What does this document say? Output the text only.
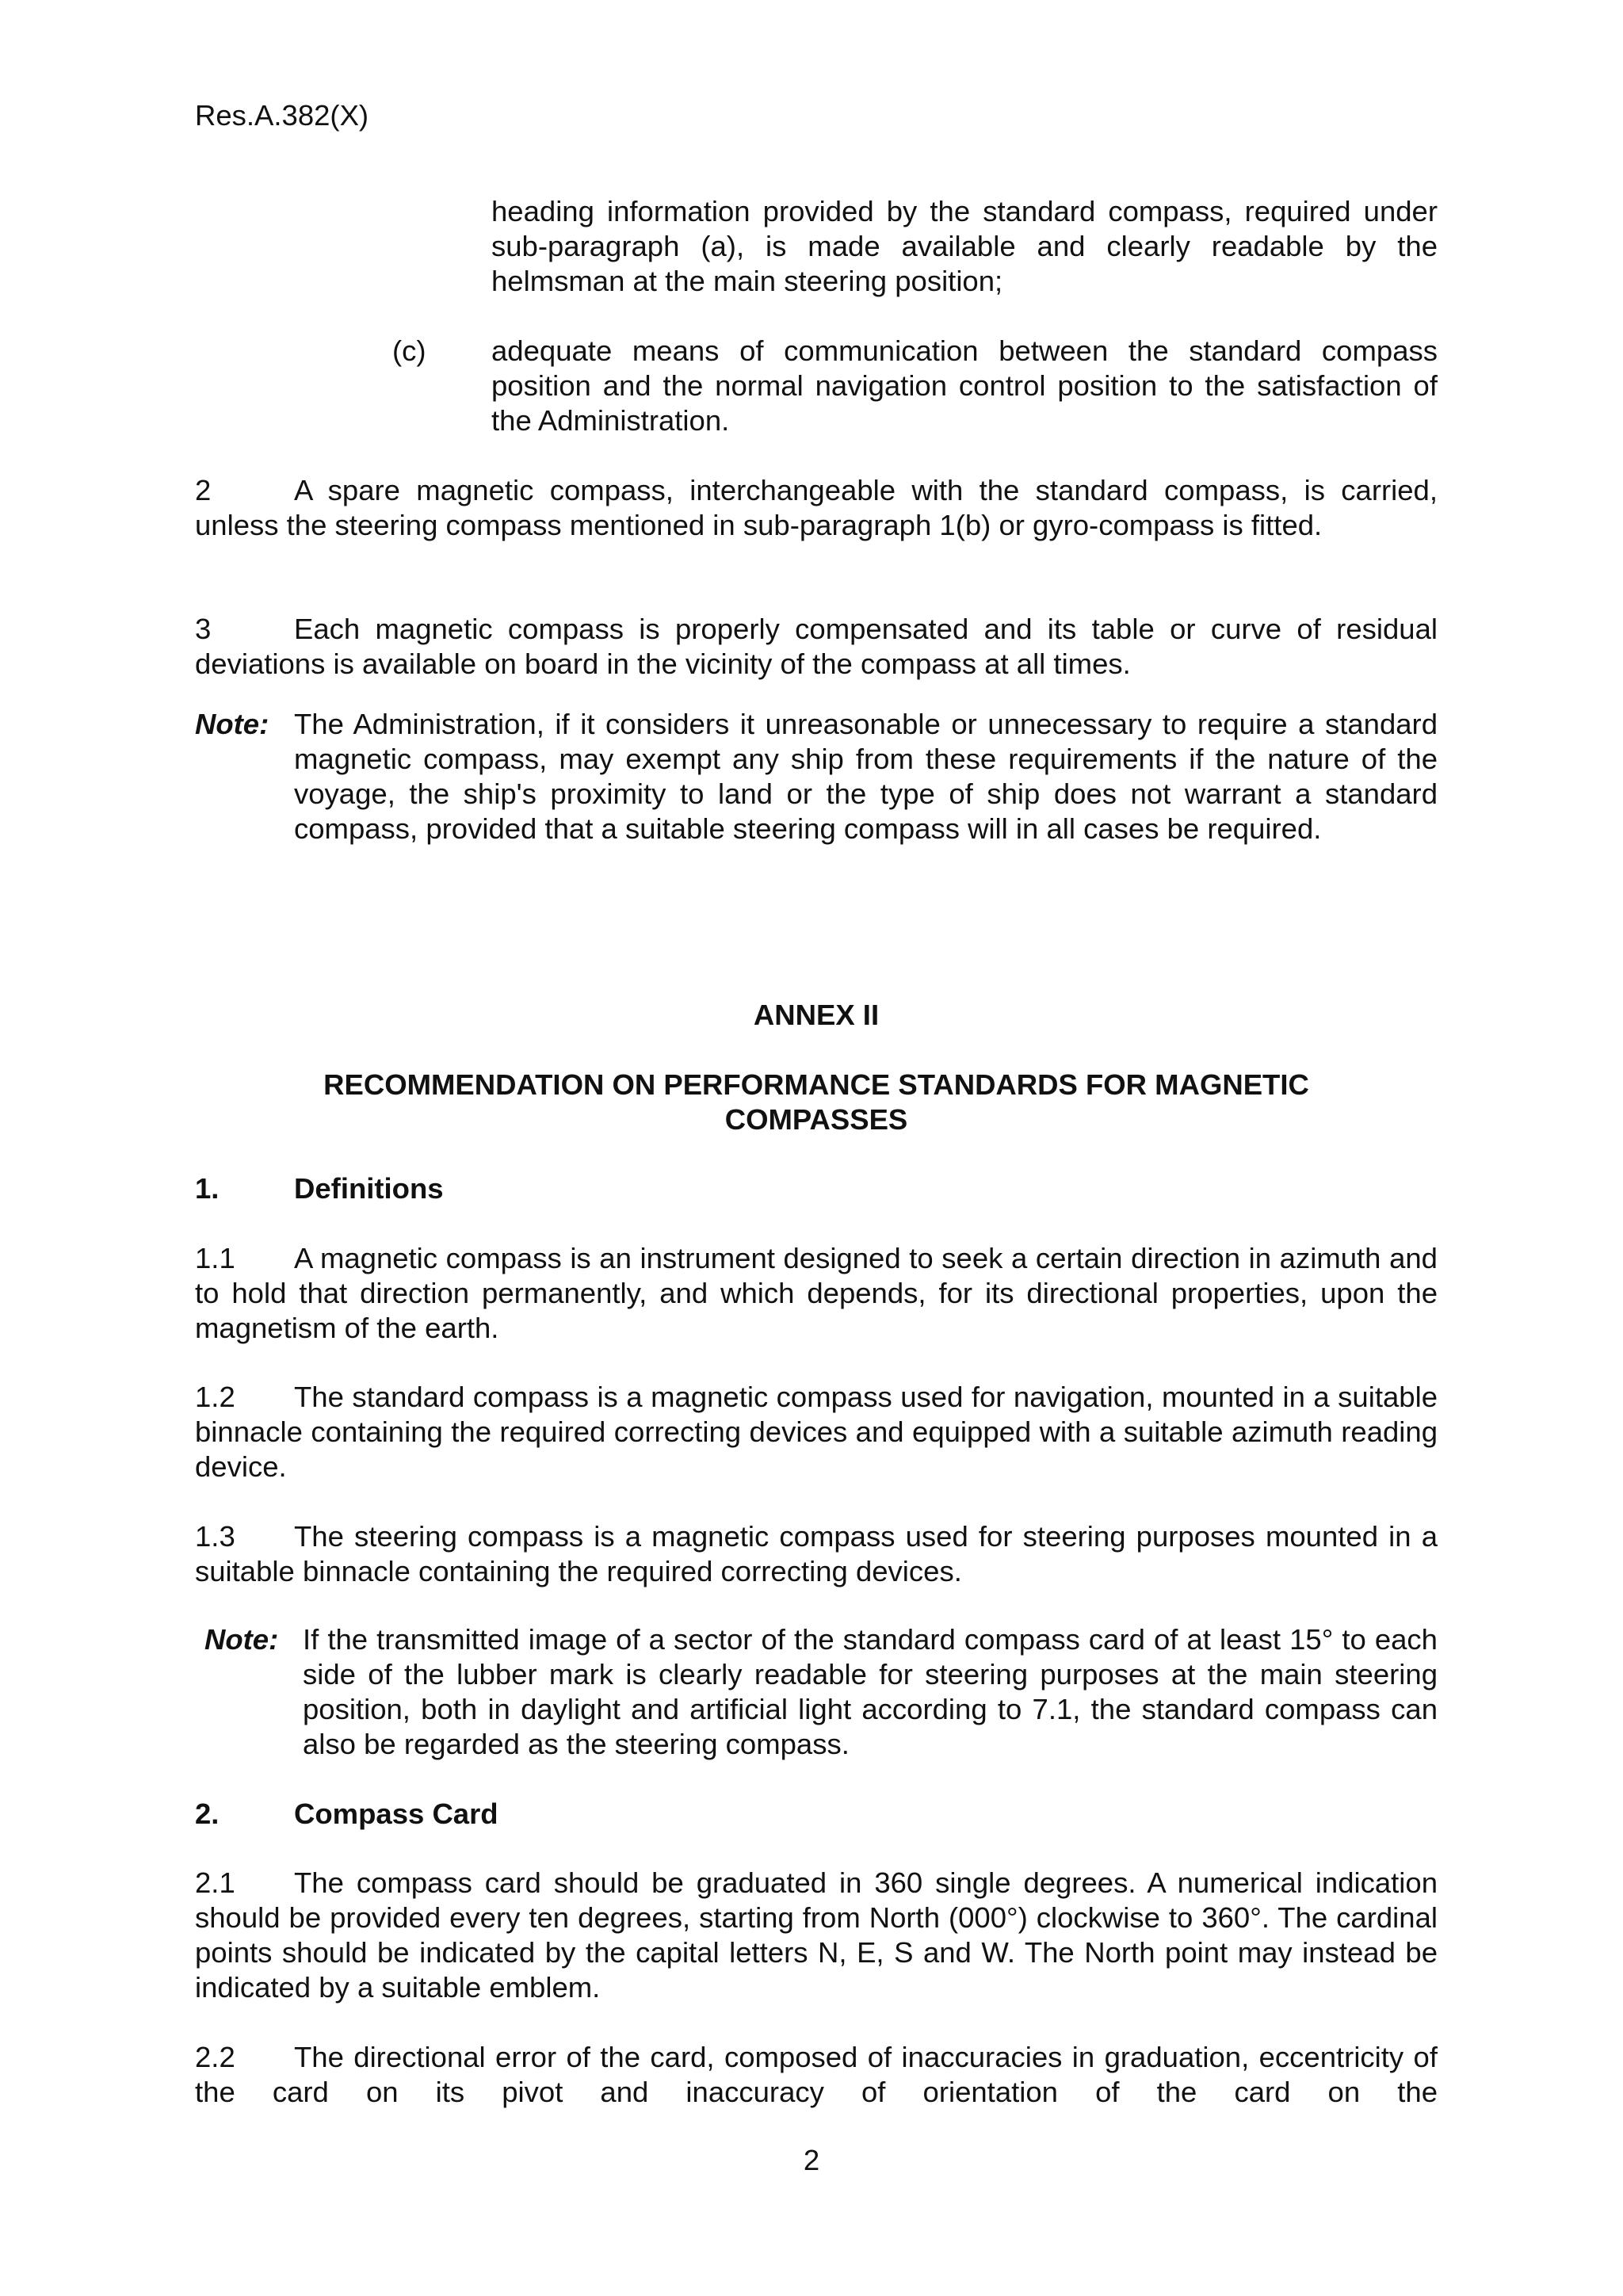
Res.A.382(X)
heading information provided by the standard compass, required under sub-paragraph (a), is made available and clearly readable by the helmsman at the main steering position;
(c) adequate means of communication between the standard compass position and the normal navigation control position to the satisfaction of the Administration.
2	A spare magnetic compass, interchangeable with the standard compass, is carried, unless the steering compass mentioned in sub-paragraph 1(b) or gyro-compass is fitted.
3	Each magnetic compass is properly compensated and its table or curve of residual deviations is available on board in the vicinity of the compass at all times.
Note: The Administration, if it considers it unreasonable or unnecessary to require a standard magnetic compass, may exempt any ship from these requirements if the nature of the voyage, the ship's proximity to land or the type of ship does not warrant a standard compass, provided that a suitable steering compass will in all cases be required.
ANNEX II
RECOMMENDATION ON PERFORMANCE STANDARDS FOR MAGNETIC
COMPASSES
1.	Definitions
1.1 A magnetic compass is an instrument designed to seek a certain direction in azimuth and to hold that direction permanently, and which depends, for its directional properties, upon the magnetism of the earth.
1.2 The standard compass is a magnetic compass used for navigation, mounted in a suitable binnacle containing the required correcting devices and equipped with a suitable azimuth reading device.
1.3 The steering compass is a magnetic compass used for steering purposes mounted in a suitable binnacle containing the required correcting devices.
Note: If the transmitted image of a sector of the standard compass card of at least 15° to each side of the lubber mark is clearly readable for steering purposes at the main steering position, both in daylight and artificial light according to 7.1, the standard compass can also be regarded as the steering compass.
2.	Compass Card
2.1 The compass card should be graduated in 360 single degrees. A numerical indication should be provided every ten degrees, starting from North (000°) clockwise to 360°. The cardinal points should be indicated by the capital letters N, E, S and W. The North point may instead be indicated by a suitable emblem.
2.2 The directional error of the card, composed of inaccuracies in graduation, eccentricity of the card on its pivot and inaccuracy of orientation of the card on the
2
